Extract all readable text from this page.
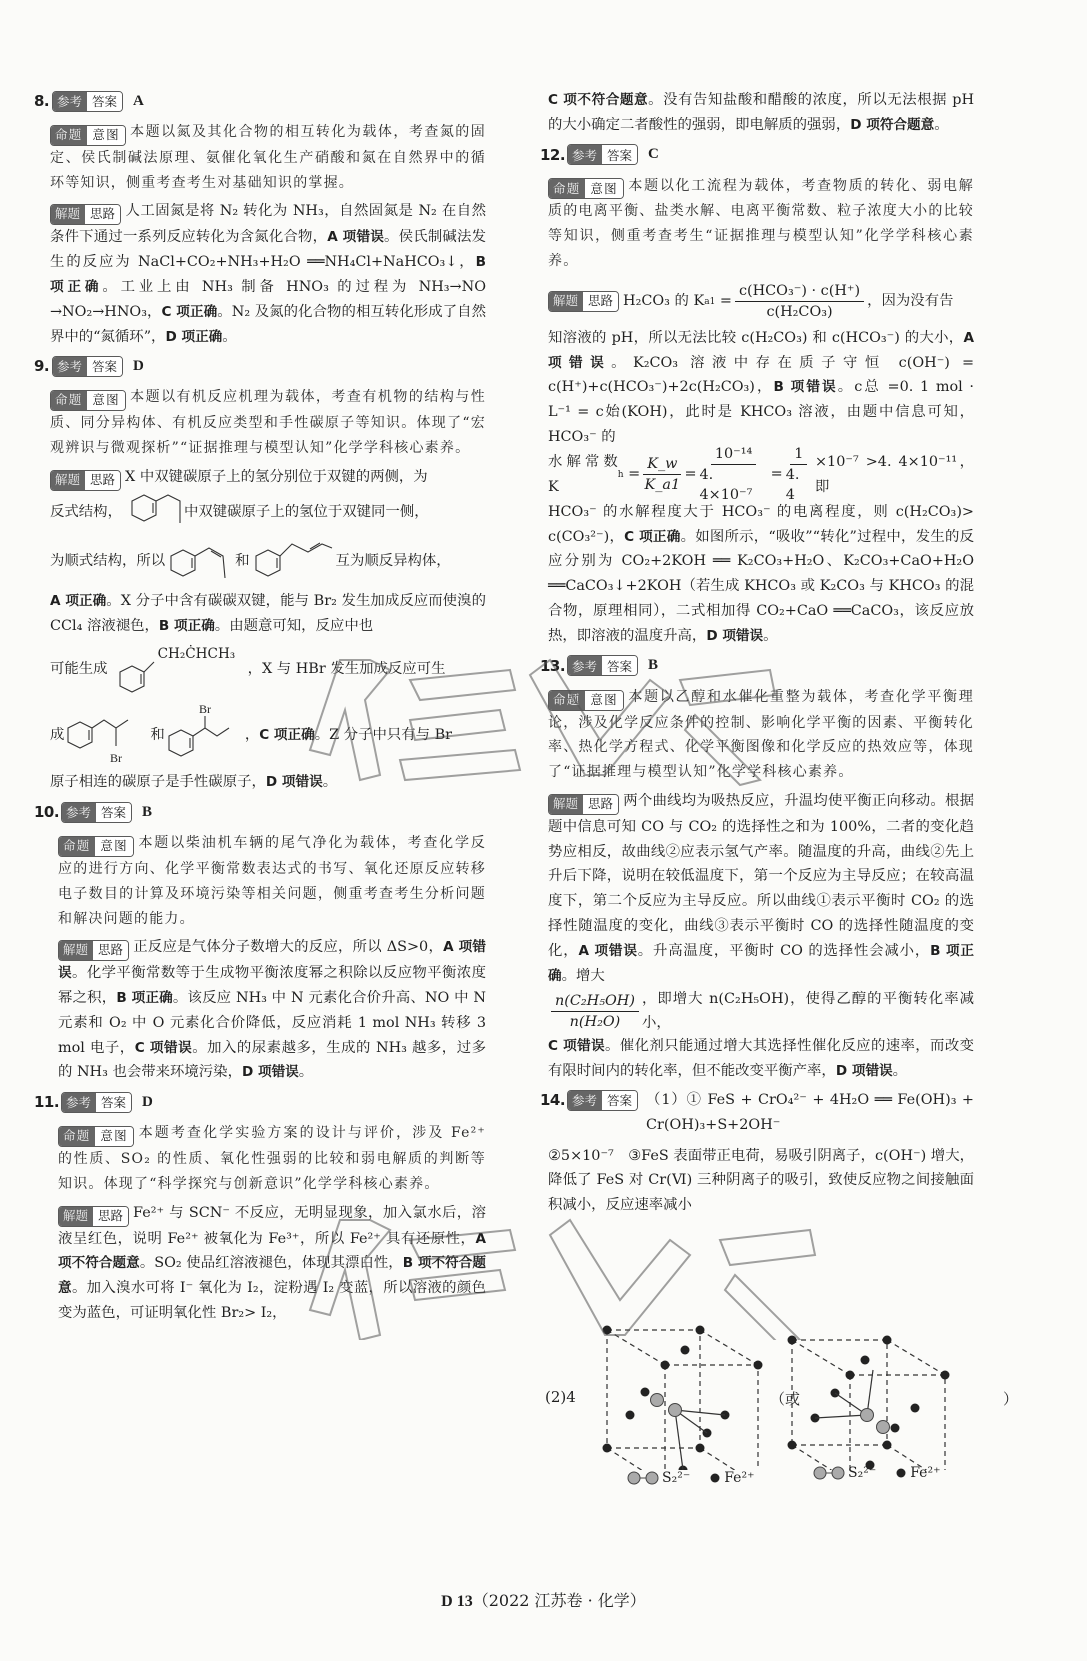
8. 参考 答案	A
命题 意图 本题以氮及其化合物的相互转化为载体，考查氮的固定、侯氏制碱法原理、氨催化氧化生产硝酸和氮在自然界中的循环等知识，侧重考查考生对基础知识的掌握。
解题 思路 人工固氮是将 N₂ 转化为 NH₃，自然固氮是 N₂ 在自然条件下通过一系列反应转化为含氮化合物，A 项错误。侯氏制碱法发生的反应为 NaCl+CO₂+NH₃+H₂O ══NH₄Cl+NaHCO₃↓，B 项正确。工业上由 NH₃ 制备 HNO₃ 的过程为 NH₃→NO →NO₂→HNO₃，C 项正确。N₂ 及氮的化合物的相互转化形成了自然界中的“氮循环”，D 项正确。
9. 参考 答案	D
命题 意图 本题以有机反应机理为载体，考查有机物的结构与性质、同分异构体、有机反应类型和手性碳原子等知识。体现了“宏观辨识与微观探析”“证据推理与模型认知”化学学科核心素养。
解题 思路 X 中双键碳原子上的氢分别位于双键的两侧，为
反式结构，	中双键碳原子上的氢位于双键同一侧，
为顺式结构，所以	和	互为顺反异构体，
A 项正确。X 分子中含有碳碳双键，能与 Br₂ 发生加成反应而使溴的 CCl₄ 溶液褪色，B 项正确。由题意可知，反应中也
可能生成
CH₂ĊHCH₃
，X 与 HBr 发生加成反应可生
成
Br
和
Br
， C 项正确 。Z 分子中只有与 Br
原子相连的碳原子是手性碳原子，D 项错误。
10. 参考 答案	B
命题 意图 本题以柴油机车辆的尾气净化为载体，考查化学反应的进行方向、化学平衡常数表达式的书写、氧化还原反应转移电子数目的计算及环境污染等相关问题，侧重考查考生分析问题和解决问题的能力。
解题 思路 正反应是气体分子数增大的反应，所以 ΔS>0，A 项错误。化学平衡常数等于生成物平衡浓度幂之积除以反应物平衡浓度幂之积，B 项正确。该反应 NH₃ 中 N 元素化合价升高、NO 中 N 元素和 O₂ 中 O 元素化合价降低，反应消耗 1 mol NH₃ 转移 3 mol 电子，C 项错误。加入的尿素越多，生成的 NH₃ 越多，过多的 NH₃ 也会带来环境污染，D 项错误。
11. 参考 答案	D
命题 意图 本题考查化学实验方案的设计与评价，涉及 Fe²⁺ 的性质、SO₂ 的性质、氧化性强弱的比较和弱电解质的判断等知识。体现了“科学探究与创新意识”化学学科核心素养。
解题 思路 Fe²⁺ 与 SCN⁻ 不反应，无明显现象，加入氯水后，溶液呈红色，说明 Fe²⁺ 被氧化为 Fe³⁺，所以 Fe²⁺ 具有还原性，A 项不符合题意。SO₂ 使品红溶液褪色，体现其漂白性，B 项不符合题意。加入溴水可将 I⁻ 氧化为 I₂，淀粉遇 I₂ 变蓝，所以溶液的颜色变为蓝色，可证明氧化性 Br₂> I₂，
C 项不符合题意。没有告知盐酸和醋酸的浓度，所以无法根据 pH 的大小确定二者酸性的强弱，即电解质的强弱，D 项符合题意。
12. 参考 答案	C
命题 意图 本题以化工流程为载体，考查物质的转化、弱电解质的电离平衡、盐类水解、电离平衡常数、粒子浓度大小的比较等知识，侧重考查考生“证据推理与模型认知”化学学科核心素养。
解题 思路 H₂CO₃ 的 K $a1 = \frac{\text{c(HCO₃⁻) · c(H⁺)}}{\text{c(H₂CO₃)}}$ ，因为没有告
知溶液的 pH，所以无法比较 c(H₂CO₃) 和 c(HCO₃⁻) 的大小，A 项错误。K₂CO₃ 溶液中存在质子守恒 c(OH⁻) = c(H⁺)+c(HCO₃⁻)+2c(H₂CO₃)，B 项错误。c总 =0. 1 mol · L⁻¹ = c始(KOH)，此时是 KHCO₃ 溶液，由题中信息可知，HCO₃⁻ 的
水解常数 K
$h = \frac{K\_w}{K\_a1} = \frac{\text{10⁻¹⁴}}{\text{4. 4×10⁻⁷}} = \frac{1}{4. 4} \times 10^{-7} >4$. 4×10⁻¹¹，即
HCO₃⁻ 的水解程度大于 HCO₃⁻ 的电离程度，则 c(H₂CO₃)> c(CO₃²⁻)，C 项正确。如图所示，“吸收”“转化”过程中，发生的反应分别为 CO₂+2KOH ══ K₂CO₃+H₂O、K₂CO₃+CaO+H₂O ══CaCO₃↓+2KOH（若生成 KHCO₃ 或 K₂CO₃ 与 KHCO₃ 的混合物，原理相同），二式相加得 CO₂+CaO ══CaCO₃，该反应放热，即溶液的温度升高，D 项错误。
13. 参考 答案	B
命题 意图 本题以乙醇和水催化重整为载体，考查化学平衡理论，涉及化学反应条件的控制、影响化学平衡的因素、平衡转化率、热化学方程式、化学平衡图像和化学反应的热效应等，体现了“证据推理与模型认知”化学学科核心素养。
解题 思路 两个曲线均为吸热反应，升温均使平衡正向移动。根据题中信息可知 CO 与 CO₂ 的选择性之和为 100%，二者的变化趋势应相反，故曲线②应表示氢气产率。随温度的升高，曲线②先上升后下降，说明在较低温度下，第一个反应为主导反应；在较高温度下，第二个反应为主导反应。所以曲线①表示平衡时 CO₂ 的选择性随温度的变化，曲线③表示平衡时 CO 的选择性随温度的变化，A 项错误。升高温度，平衡时 CO 的选择性会减小，B 项正确。增大
$\frac{\text{n(C₂H₅OH)}}{\text{n(H₂O)}}$ ，即增大 n(C₂H₅OH)，使得乙醇的平衡转化率减小，
C 项错误。催化剂只能通过增大其选择性催化反应的速率，而改变有限时间内的转化率，但不能改变平衡产率，D 项错误。
14. 参考 答案 （1）① FeS + CrO₄²⁻ + 4H₂O ══ Fe(OH)₃ + Cr(OH)₃+S+2OH⁻
②5×10⁻⁷　③FeS 表面带正电荷，易吸引阴离子，c(OH⁻) 增大，降低了 FeS 对 Cr(Ⅵ) 三种阴离子的吸引，致使反应物之间接触面积减小，反应速率减小
(2)4	（或	）
S₂²⁻ Fe²⁺	S₂²⁻ Fe²⁺
D 13（2022 江苏卷 · 化学）
